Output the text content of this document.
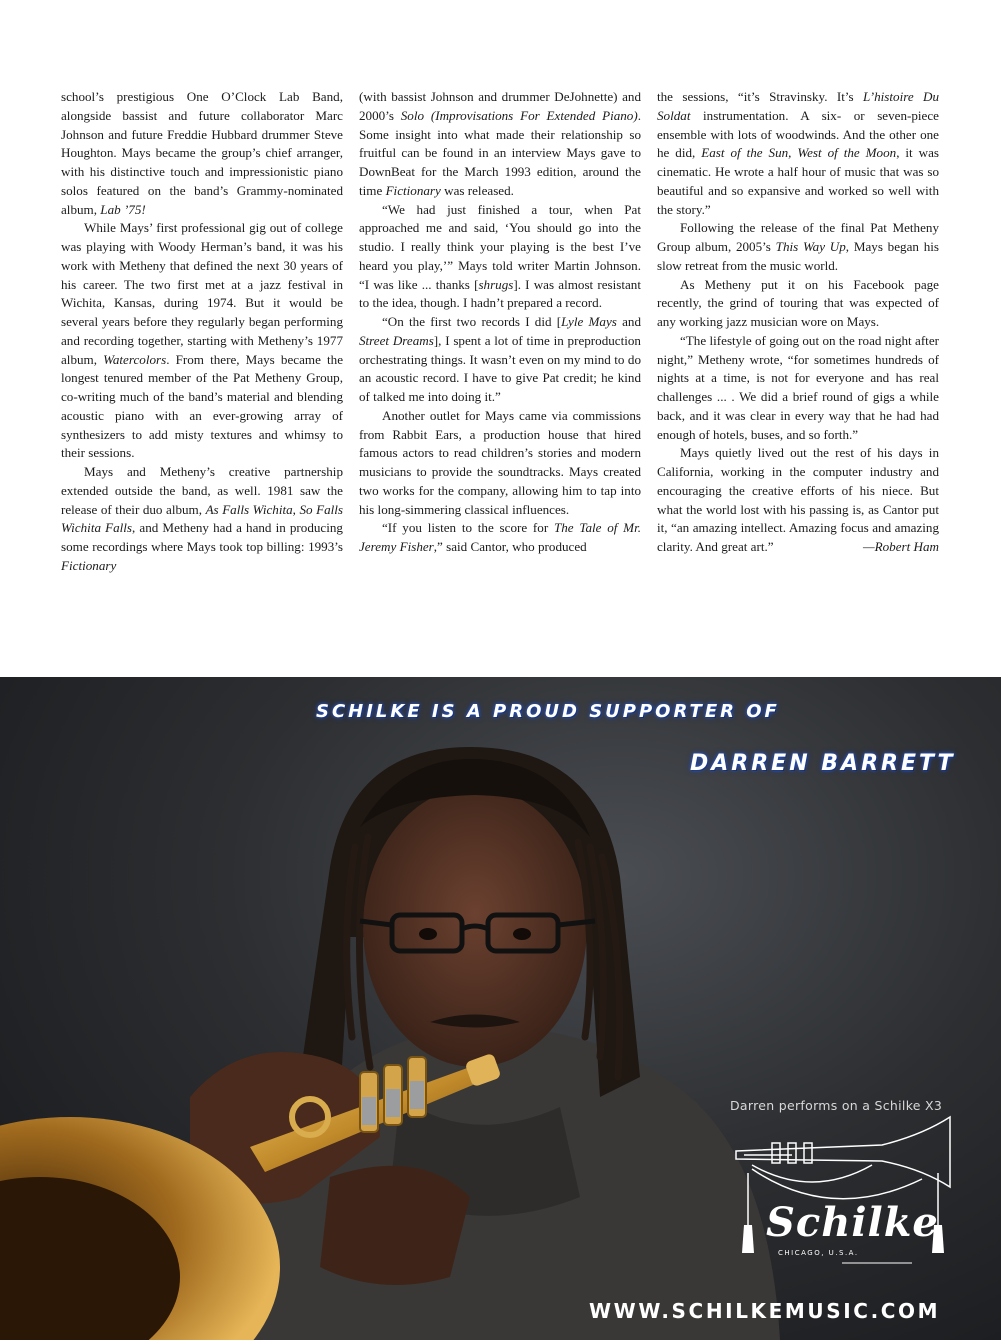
school’s prestigious One O’Clock Lab Band, alongside bassist and future collaborator Marc Johnson and future Freddie Hubbard drummer Steve Houghton. Mays became the group’s chief arranger, with his distinctive touch and impressionistic piano solos featured on the band’s Grammy-nominated album, Lab ’75!

While Mays’ first professional gig out of college was playing with Woody Herman’s band, it was his work with Metheny that defined the next 30 years of his career. The two first met at a jazz festival in Wichita, Kansas, during 1974. But it would be several years before they regularly began performing and recording together, starting with Metheny’s 1977 album, Watercolors. From there, Mays became the longest tenured member of the Pat Metheny Group, co-writing much of the band’s material and blending acoustic piano with an ever-growing array of synthesizers to add misty textures and whimsy to their sessions.

Mays and Metheny’s creative partnership extended outside the band, as well. 1981 saw the release of their duo album, As Falls Wichita, So Falls Wichita Falls, and Metheny had a hand in producing some recordings where Mays took top billing: 1993’s Fictionary

(with bassist Johnson and drummer DeJohnette) and 2000’s Solo (Improvisations For Extended Piano). Some insight into what made their relationship so fruitful can be found in an interview Mays gave to DownBeat for the March 1993 edition, around the time Fictionary was released.

“We had just finished a tour, when Pat approached me and said, ‘You should go into the studio. I really think your playing is the best I’ve heard you play,’” Mays told writer Martin Johnson. “I was like ... thanks [shrugs]. I was almost resistant to the idea, though. I hadn’t prepared a record.

“On the first two records I did [Lyle Mays and Street Dreams], I spent a lot of time in preproduction orchestrating things. It wasn’t even on my mind to do an acoustic record. I have to give Pat credit; he kind of talked me into doing it.”

Another outlet for Mays came via commissions from Rabbit Ears, a production house that hired famous actors to read children’s stories and modern musicians to provide the soundtracks. Mays created two works for the company, allowing him to tap into his long-simmering classical influences.

“If you listen to the score for The Tale of Mr. Jeremy Fisher,” said Cantor, who produced

the sessions, “it’s Stravinsky. It’s L’histoire Du Soldat instrumentation. A six- or seven-piece ensemble with lots of woodwinds. And the other one he did, East of the Sun, West of the Moon, it was cinematic. He wrote a half hour of music that was so beautiful and so expansive and worked so well with the story.”

Following the release of the final Pat Metheny Group album, 2005’s This Way Up, Mays began his slow retreat from the music world.

As Metheny put it on his Facebook page recently, the grind of touring that was expected of any working jazz musician wore on Mays.

“The lifestyle of going out on the road night after night,” Metheny wrote, “for sometimes hundreds of nights at a time, is not for everyone and has real challenges ... . We did a brief round of gigs a while back, and it was clear in every way that he had had enough of hotels, buses, and so forth.”

Mays quietly lived out the rest of his days in California, working in the computer industry and encouraging the creative efforts of his niece. But what the world lost with his passing is, as Cantor put it, “an amazing intellect. Amazing focus and amazing clarity. And great art.”	—Robert Ham

SCHILKE IS A PROUD SUPPORTER OF
DARREN BARRETT
Darren performs on a Schilke X3
Schilke
CHICAGO, U.S.A.
WWW.SCHILKEMUSIC.COM
